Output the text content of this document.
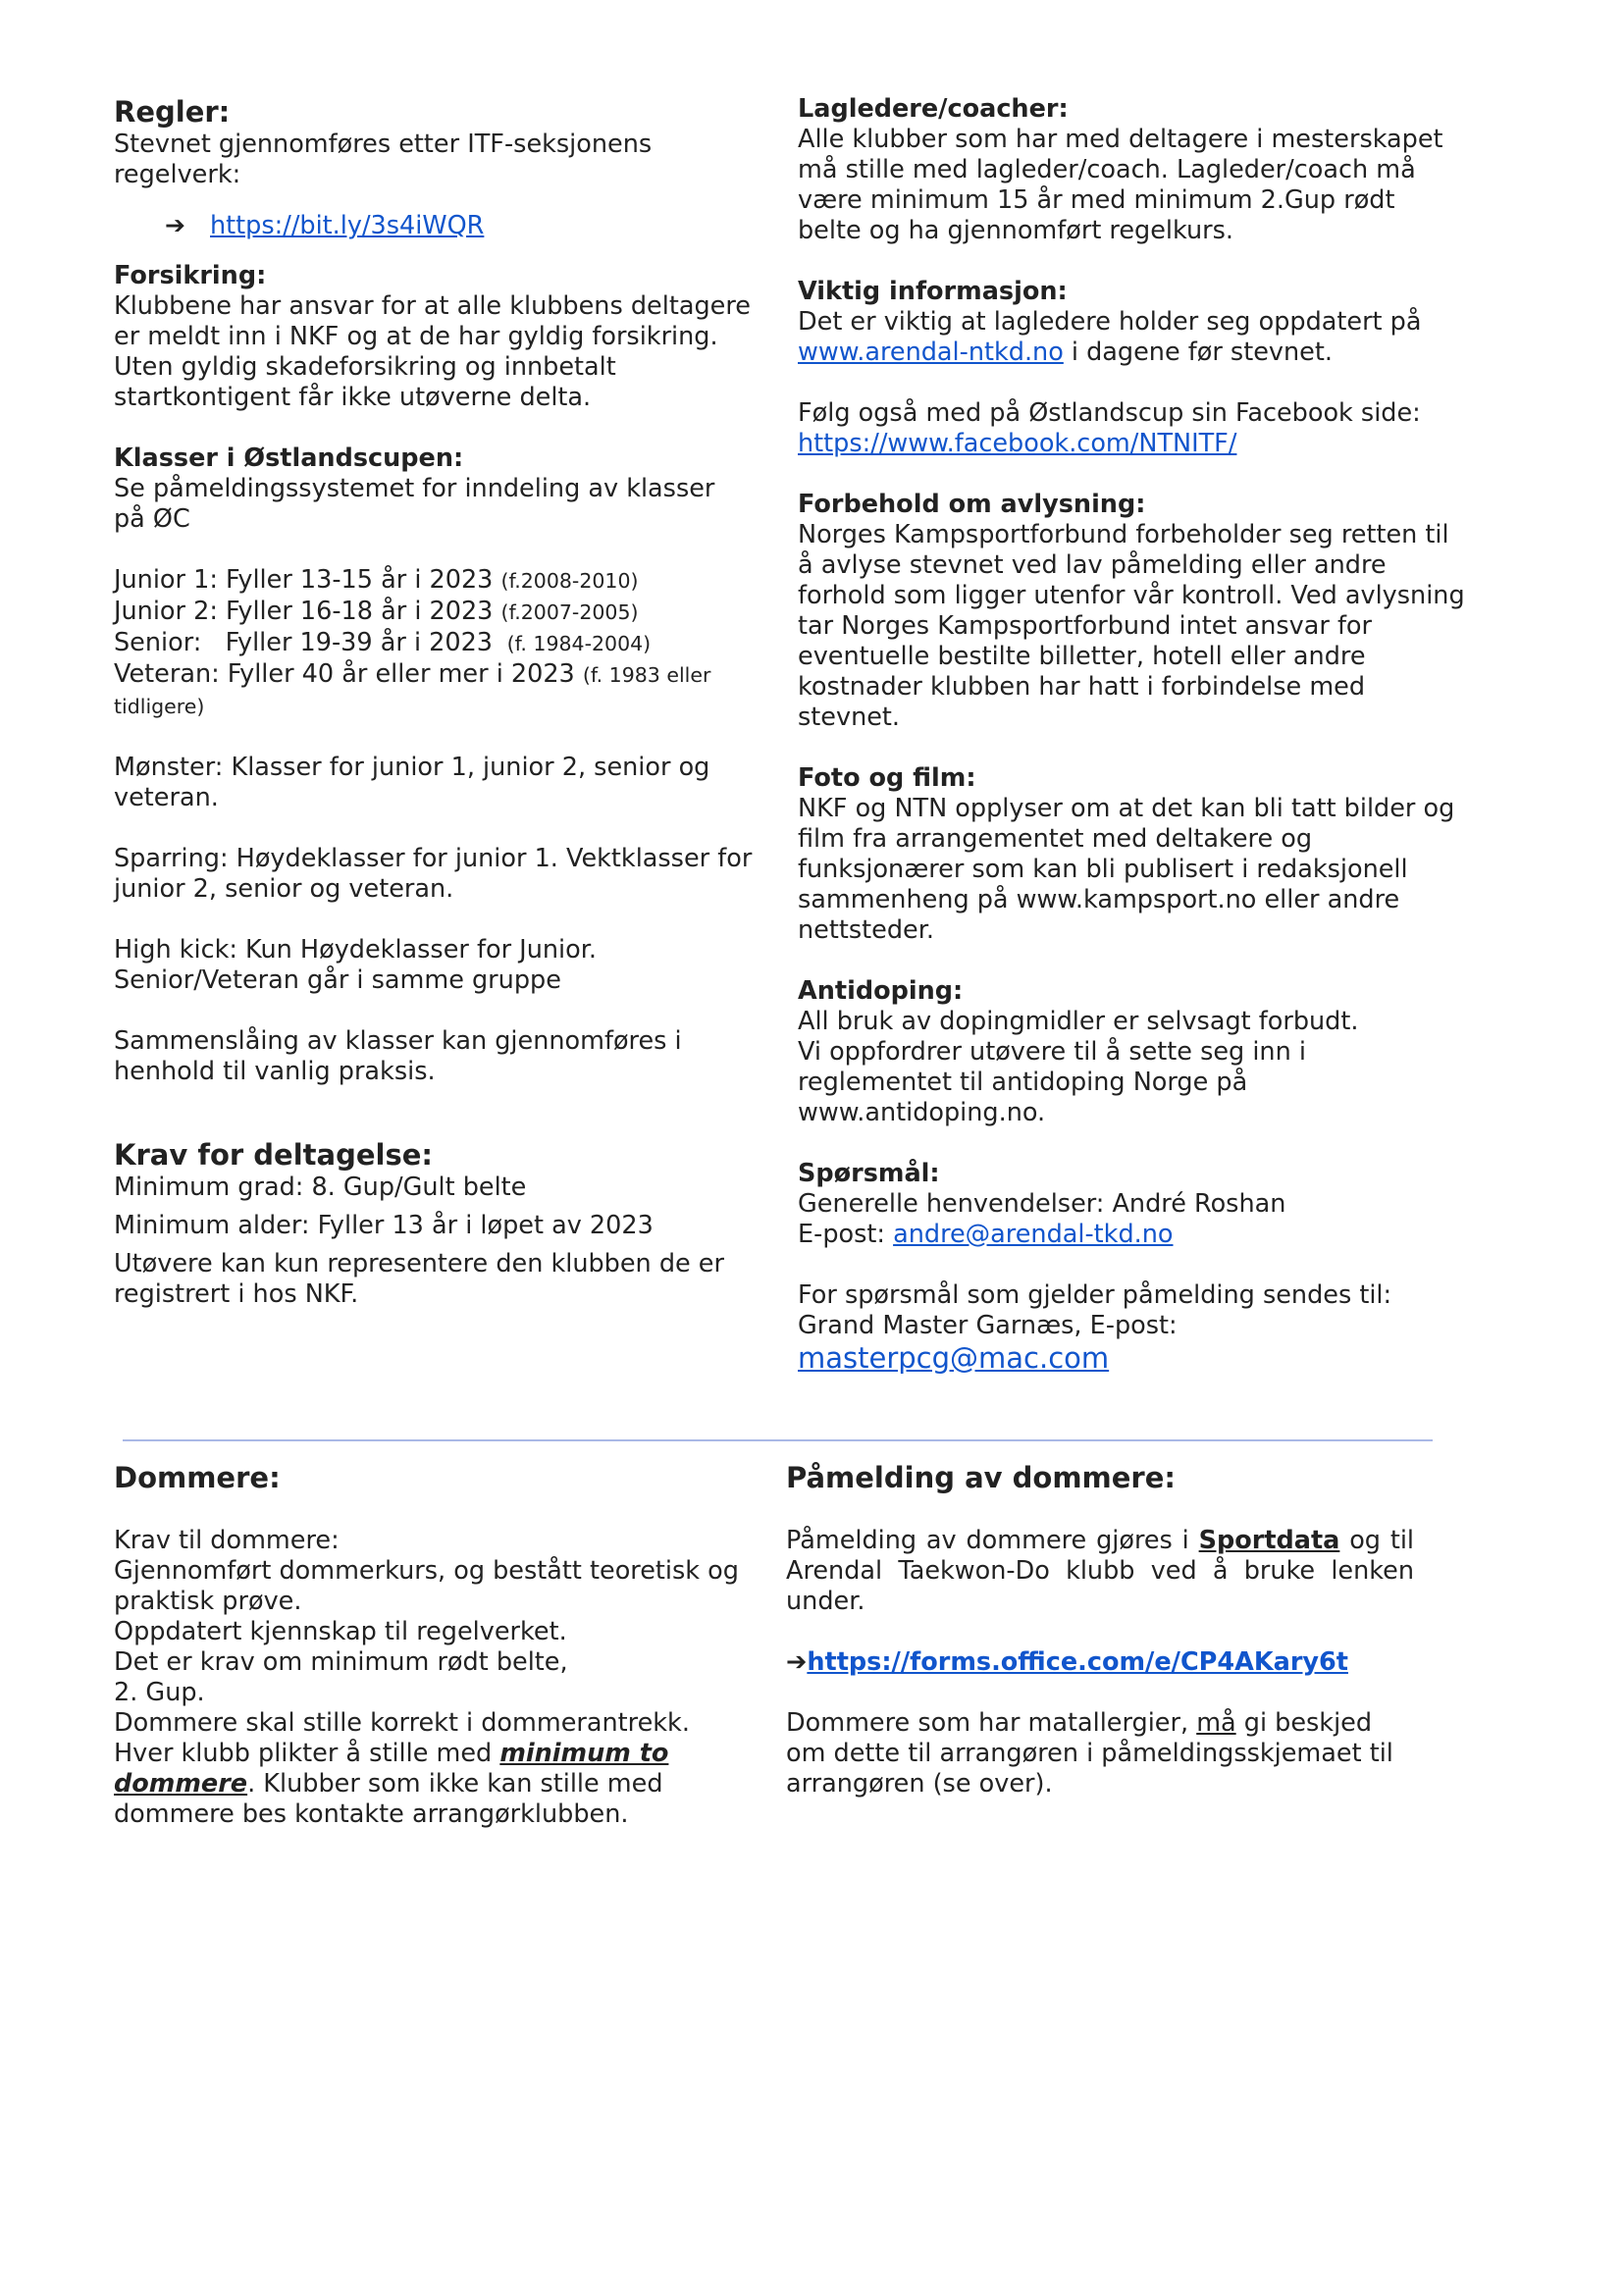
Regler:

Stevnet gjennomføres etter ITF-seksjonens regelverk:

➔ https://bit.ly/3s4iWQR

Forsikring:

Klubbene har ansvar for at alle klubbens deltagere er meldt inn i NKF og at de har gyldig forsikring. Uten gyldig skadeforsikring og innbetalt startkontigent får ikke utøverne delta.

Klasser i Østlandscupen:

Se påmeldingssystemet for inndeling av klasser

på ØC

Junior 1: Fyller 13-15 år i 2023 (f.2008-2010)

Junior 2: Fyller 16-18 år i 2023 (f.2007-2005)

Senior:   Fyller 19-39 år i 2023  (f. 1984-2004)

Veteran: Fyller 40 år eller mer i 2023 (f. 1983 eller tidligere)

Mønster: Klasser for junior 1, junior 2, senior og veteran.

Sparring: Høydeklasser for junior 1. Vektklasser for junior 2, senior og veteran.

High kick: Kun Høydeklasser for Junior.

Senior/Veteran går i samme gruppe

Sammenslåing av klasser kan gjennomføres i henhold til vanlig praksis.

Krav for deltagelse:

Minimum grad: 8. Gup/Gult belte

Minimum alder: Fyller 13 år i løpet av 2023

Utøvere kan kun representere den klubben de er registrert i hos NKF.

Lagledere/coacher:

Alle klubber som har med deltagere i mesterskapet må stille med lagleder/coach. Lagleder/coach må være minimum 15 år med minimum 2.Gup rødt belte og ha gjennomført regelkurs.

Viktig informasjon:

Det er viktig at lagledere holder seg oppdatert på www.arendal-ntkd.no i dagene før stevnet.

Følg også med på Østlandscup sin Facebook side:

https://www.facebook.com/NTNITF/

Forbehold om avlysning:

Norges Kampsportforbund forbeholder seg retten til å avlyse stevnet ved lav påmelding eller andre forhold som ligger utenfor vår kontroll. Ved avlysning tar Norges Kampsportforbund intet ansvar for eventuelle bestilte billetter, hotell eller andre kostnader klubben har hatt i forbindelse med stevnet.

Foto og film:

NKF og NTN opplyser om at det kan bli tatt bilder og film fra arrangementet med deltakere og funksjonærer som kan bli publisert i redaksjonell sammenheng på www.kampsport.no eller andre nettsteder.

Antidoping:

All bruk av dopingmidler er selvsagt forbudt.

Vi oppfordrer utøvere til å sette seg inn i reglementet til antidoping Norge på www.antidoping.no.

Spørsmål:

Generelle henvendelser: André Roshan

E-post: andre@arendal-tkd.no

For spørsmål som gjelder påmelding sendes til:

Grand Master Garnæs, E-post:

masterpcg@mac.com

Dommere:

Krav til dommere:

Gjennomført dommerkurs, og bestått teoretisk og praktisk prøve.

Oppdatert kjennskap til regelverket.

Det er krav om minimum rødt belte,

2. Gup.

Dommere skal stille korrekt i dommerantrekk.

Hver klubb plikter å stille med minimum to dommere. Klubber som ikke kan stille med dommere bes kontakte arrangørklubben.

Påmelding av dommere:

Påmelding av dommere gjøres i Sportdata og til Arendal Taekwon-Do klubb ved å bruke lenken under.

➔https://forms.office.com/e/CP4AKary6t

Dommere som har matallergier, må gi beskjed om dette til arrangøren i påmeldingsskjemaet til arrangøren (se over).
